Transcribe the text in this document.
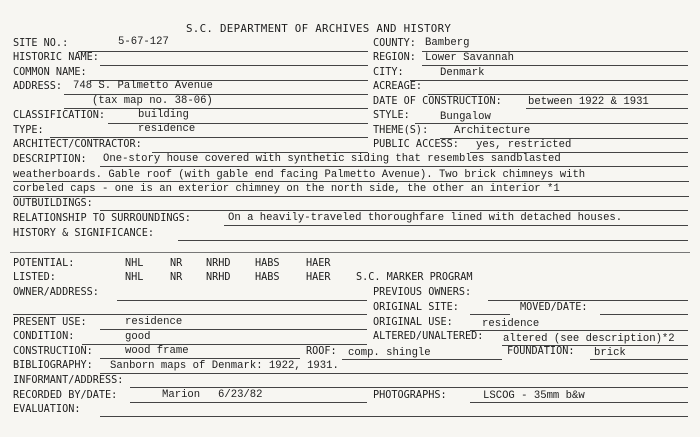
S.C. DEPARTMENT OF ARCHIVES AND HISTORY
SITE NO.:	5-67-127
HISTORIC NAME:
COMMON NAME:
ADDRESS: 748 S. Palmetto Avenue
(tax map no. 38-06)
CLASSIFICATION:	building
TYPE:	residence
ARCHITECT/CONTRACTOR:
COUNTY: Bamberg
REGION: Lower Savannah
CITY:	Denmark
ACREAGE:
DATE OF CONSTRUCTION: between 1922 & 1931
STYLE:	Bungalow
THEME(S): Architecture
PUBLIC ACCESS: yes, restricted
DESCRIPTION: One-story house covered with synthetic siding that resembles sandblasted
weatherboards. Gable roof (with gable end facing Palmetto Avenue). Two brick chimneys with
corbeled caps - one is an exterior chimney on the north side, the other an interior *1
OUTBUILDINGS:
RELATIONSHIP TO SURROUNDINGS:	On a heavily-traveled thoroughfare lined with detached houses.
HISTORY & SIGNIFICANCE:
POTENTIAL:	NHL	NR NRHD HABS	HAER
LISTED:	NHL	NR NRHD HABS	HAER S.C. MARKER PROGRAM
OWNER/ADDRESS:	PREVIOUS OWNERS:
ORIGINAL SITE:	MOVED/DATE:
PRESENT USE:	residence	ORIGINAL USE:	residence
CONDITION:	good	ALTERED/UNALTERED: altered (see description)*2
CONSTRUCTION:	wood frame	ROOF: comp. shingle	FOUNDATION: brick
BIBLIOGRAPHY: Sanborn maps of Denmark: 1922, 1931.
INFORMANT/ADDRESS:
RECORDED BY/DATE:	Marion 6/23/82	PHOTOGRAPHS:	LSCOG - 35mm b&w
EVALUATION:
